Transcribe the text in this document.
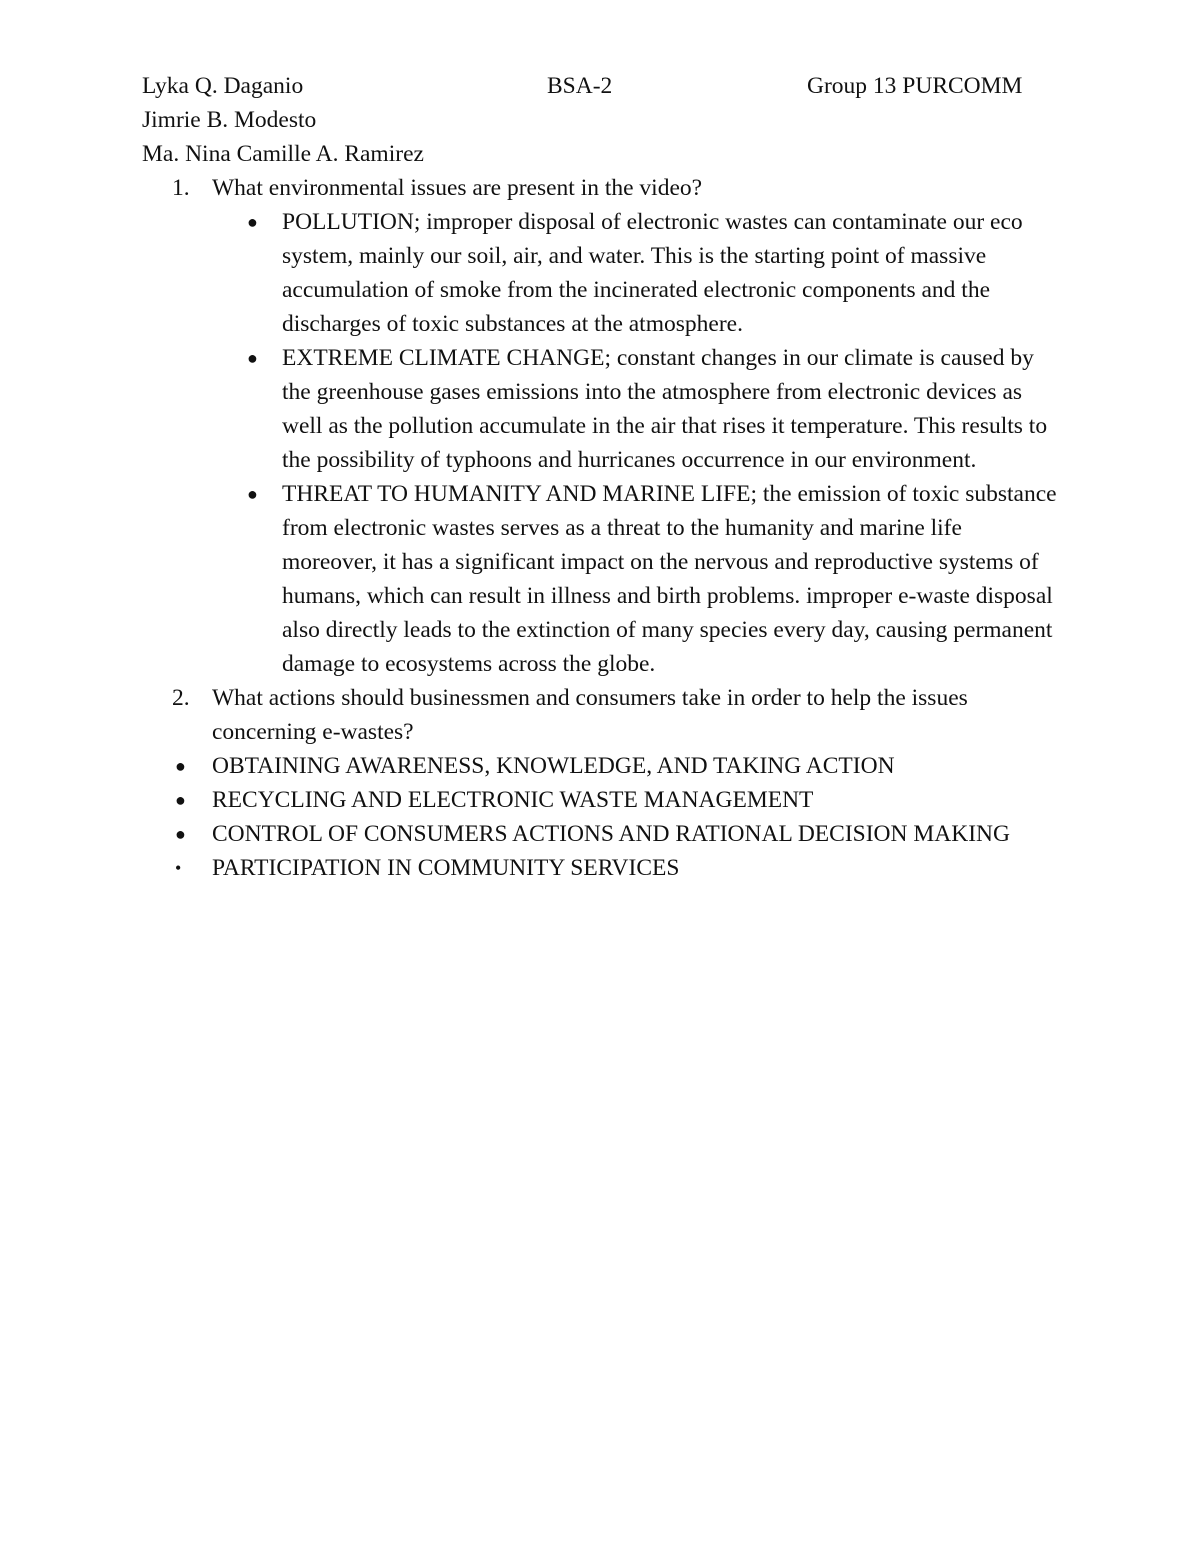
Lyka Q. Daganio	BSA-2	Group 13 PURCOMM
Jimrie B. Modesto
Ma. Nina Camille A. Ramirez
1. What environmental issues are present in the video?
● POLLUTION; improper disposal of electronic wastes can contaminate our eco system, mainly our soil, air, and water. This is the starting point of massive accumulation of smoke from the incinerated electronic components and the discharges of toxic substances at the atmosphere.
● EXTREME CLIMATE CHANGE; constant changes in our climate is caused by the greenhouse gases emissions into the atmosphere from electronic devices as well as the pollution accumulate in the air that rises it temperature. This results to the possibility of typhoons and hurricanes occurrence in our environment.
● THREAT TO HUMANITY AND MARINE LIFE; the emission of toxic substance from electronic wastes serves as a threat to the humanity and marine life moreover, it has a significant impact on the nervous and reproductive systems of humans, which can result in illness and birth problems. improper e-waste disposal also directly leads to the extinction of many species every day, causing permanent damage to ecosystems across the globe.
2. What actions should businessmen and consumers take in order to help the issues concerning e-wastes?
● OBTAINING AWARENESS, KNOWLEDGE, AND TAKING ACTION
● RECYCLING AND ELECTRONIC WASTE MANAGEMENT
● CONTROL OF CONSUMERS ACTIONS AND RATIONAL DECISION MAKING
• PARTICIPATION IN COMMUNITY SERVICES
